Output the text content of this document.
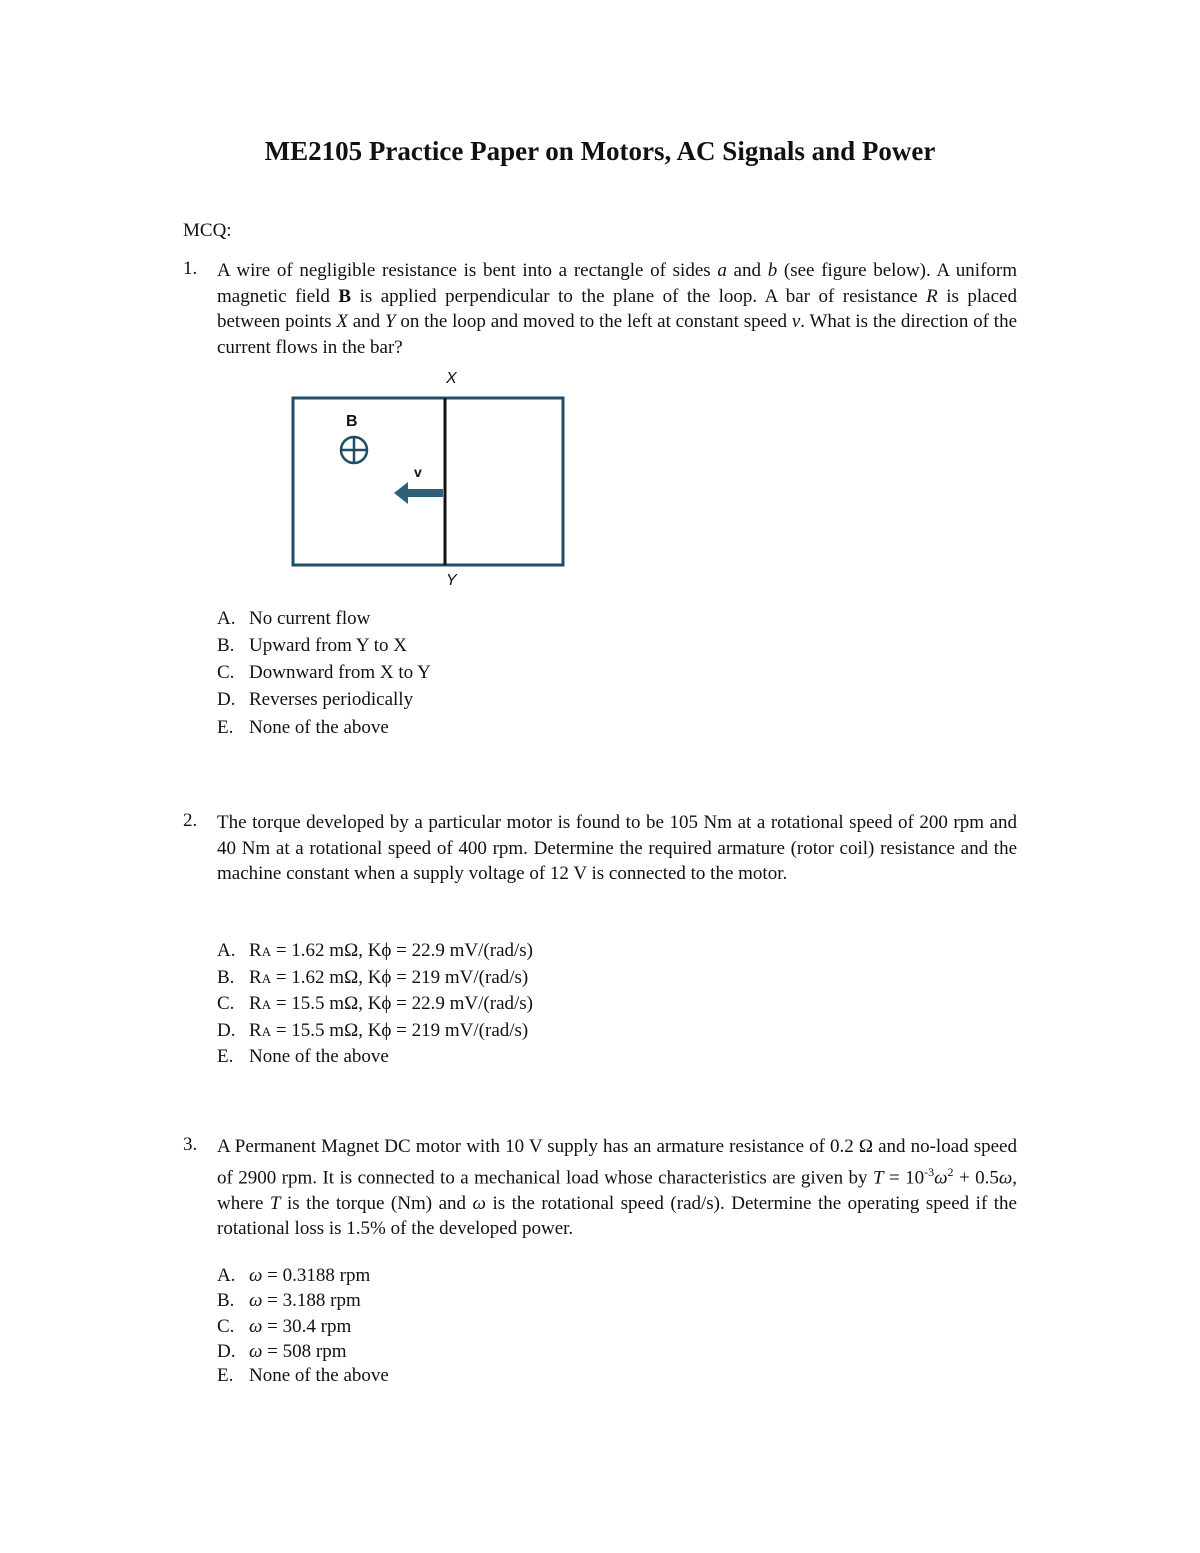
ME2105 Practice Paper on Motors, AC Signals and Power
MCQ:
1. A wire of negligible resistance is bent into a rectangle of sides a and b (see figure below). A uniform magnetic field B is applied perpendicular to the plane of the loop. A bar of resistance R is placed between points X and Y on the loop and moved to the left at constant speed v. What is the direction of the current flows in the bar?
X
B
v
Y
A. No current flow
B. Upward from Y to X
C. Downward from X to Y
D. Reverses periodically
E. None of the above
2. The torque developed by a particular motor is found to be 105 Nm at a rotational speed of 200 rpm and 40 Nm at a rotational speed of 400 rpm. Determine the required armature (rotor coil) resistance and the machine constant when a supply voltage of 12 V is connected to the motor.
A. RA = 1.62 mΩ, Kϕ = 22.9 mV/(rad/s)
B. RA = 1.62 mΩ, Kϕ = 219 mV/(rad/s)
C. RA = 15.5 mΩ, Kϕ = 22.9 mV/(rad/s)
D. RA = 15.5 mΩ, Kϕ = 219 mV/(rad/s)
E. None of the above
3. A Permanent Magnet DC motor with 10 V supply has an armature resistance of 0.2 Ω and no-load speed of 2900 rpm. It is connected to a mechanical load whose characteristics are given by $T = 10^{-3}\omega^2 + 0.5\omega$, where T is the torque (Nm) and ω is the rotational speed (rad/s). Determine the operating speed if the rotational loss is 1.5% of the developed power.
A. ω = 0.3188 rpm
B. ω = 3.188 rpm
C. ω = 30.4 rpm
D. ω = 508 rpm
E. None of the above
